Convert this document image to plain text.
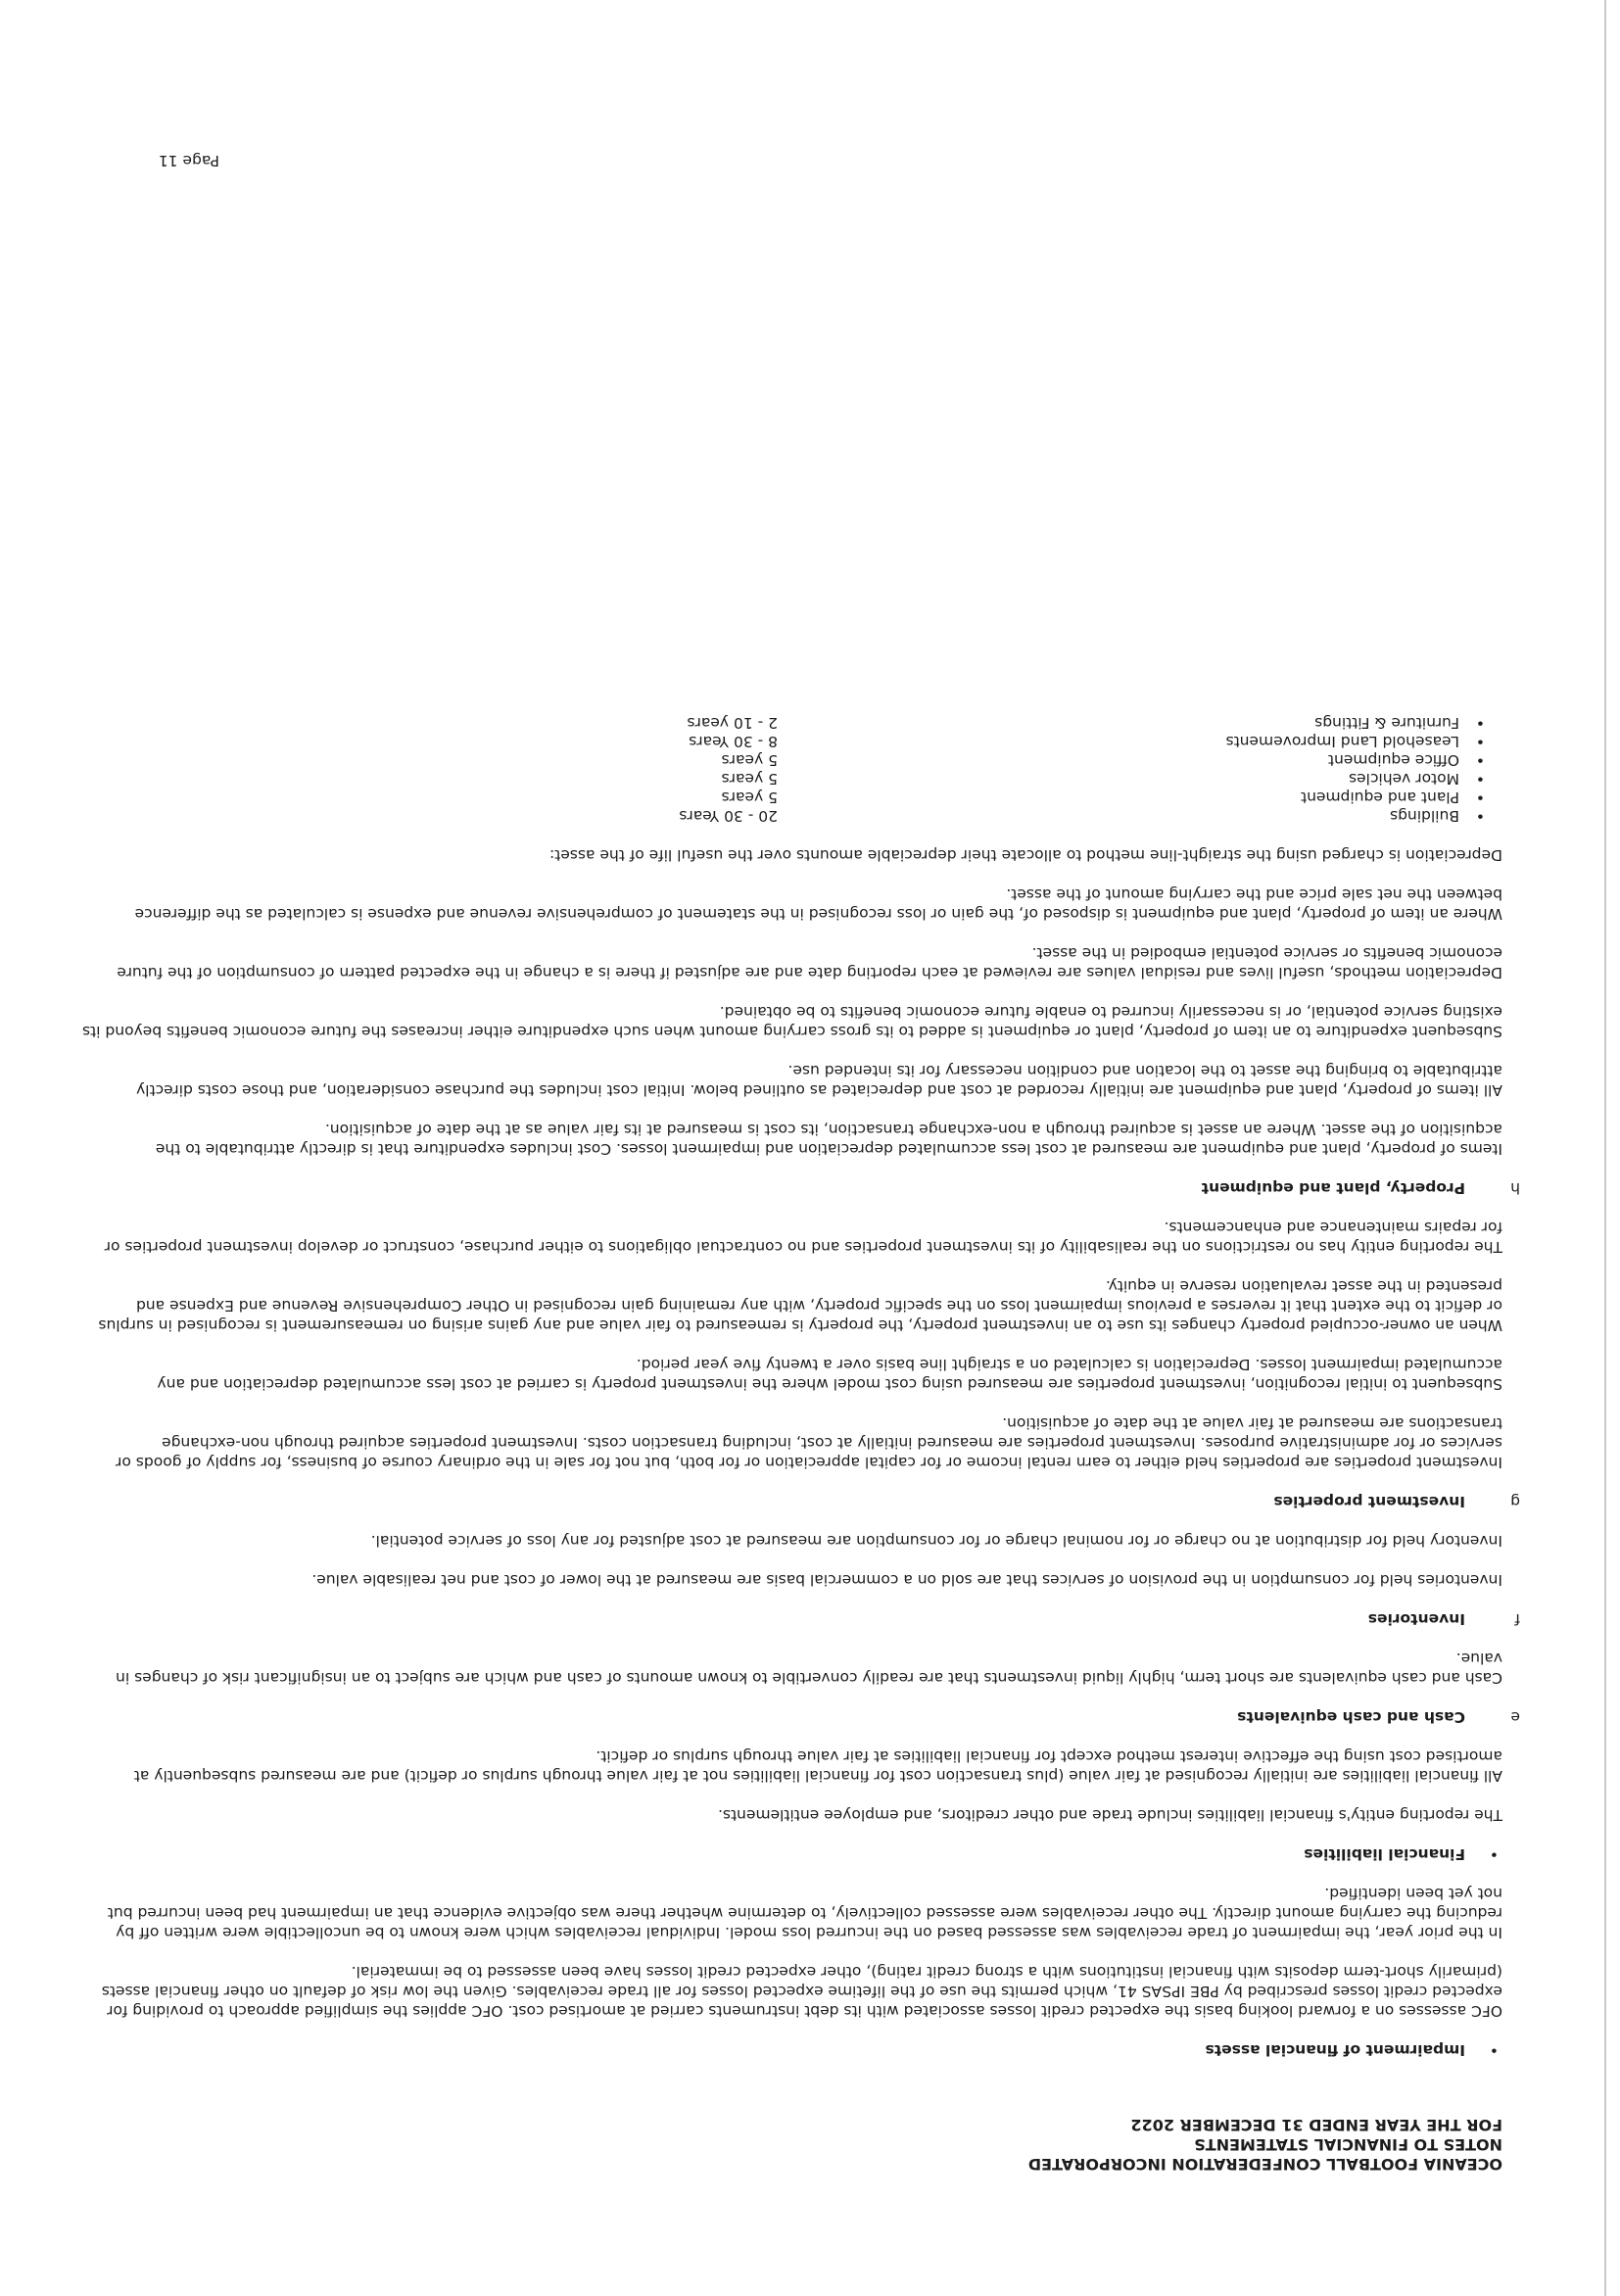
OCEANIA FOOTBALL CONFEDERATION INCORPORATED
NOTES TO FINANCIAL STATEMENTS
FOR THE YEAR ENDED 31 DECEMBER 2022
•
Impairment of financial assets

OFC assesses on a forward looking basis the expected credit losses associated with its debt instruments carried at amortised cost. OFC applies the simplified approach to providing for expected credit losses prescribed by PBE IPSAS 41, which permits the use of the lifetime expected losses for all trade receivables. Given the low risk of default on other financial assets (primarily short-term deposits with financial institutions with a strong credit rating), other expected credit losses have been assessed to be immaterial.

In the prior year, the impairment of trade receivables was assessed based on the incurred loss model. Individual receivables which were known to be uncollectible were written off by reducing the carrying amount directly. The other receivables were assessed collectively, to determine whether there was objective evidence that an impairment had been incurred but not yet been identified.

•
Financial liabilities

The reporting entity's financial liabilities include trade and other creditors, and employee entitlements.

All financial liabilities are initially recognised at fair value (plus transaction cost for financial liabilities not at fair value through surplus or deficit) and are measured subsequently at amortised cost using the effective interest method except for financial liabilities at fair value through surplus or deficit.

e
Cash and cash equivalents

Cash and cash equivalents are short term, highly liquid investments that are readily convertible to known amounts of cash and which are subject to an insignificant risk of changes in value.

f
Inventories

Inventories held for consumption in the provision of services that are sold on a commercial basis are measured at the lower of cost and net realisable value.

Inventory held for distribution at no charge or for nominal charge or for consumption are measured at cost adjusted for any loss of service potential.

g
Investment properties

Investment properties are properties held either to earn rental income or for capital appreciation or for both, but not for sale in the ordinary course of business, for supply of goods or services or for administrative purposes. Investment properties are measured initially at cost, including transaction costs. Investment properties acquired through non-exchange transactions are measured at fair value at the date of acquisition.

Subsequent to initial recognition, investment properties are measured using cost model where the investment property is carried at cost less accumulated depreciation and any accumulated impairment losses. Depreciation is calculated on a straight line basis over a twenty five year period.

When an owner-occupied property changes its use to an investment property, the property is remeasured to fair value and any gains arising on remeasurement is recognised in surplus or deficit to the extent that it reverses a previous impairment loss on the specific property, with any remaining gain recognised in Other Comprehensive Revenue and Expense and presented in the asset revaluation reserve in equity.

The reporting entity has no restrictions on the realisability of its investment properties and no contractual obligations to either purchase, construct or develop investment properties or for repairs maintenance and enhancements.

h
Property, plant and equipment

Items of property, plant and equipment are measured at cost less accumulated depreciation and impairment losses. Cost includes expenditure that is directly attributable to the acquisition of the asset. Where an asset is acquired through a non-exchange transaction, its cost is measured at its fair value as at the date of acquisition.

All items of property, plant and equipment are initially recorded at cost and depreciated as outlined below. Initial cost includes the purchase consideration, and those costs directly attributable to bringing the asset to the location and condition necessary for its intended use.

Subsequent expenditure to an item of property, plant or equipment is added to its gross carrying amount when such expenditure either increases the future economic benefits beyond its existing service potential, or is necessarily incurred to enable future economic benefits to be obtained.

Depreciation methods, useful lives and residual values are reviewed at each reporting date and are adjusted if there is a change in the expected pattern of consumption of the future economic benefits or service potential embodied in the asset.

Where an item of property, plant and equipment is disposed of, the gain or loss recognised in the statement of comprehensive revenue and expense is calculated as the difference between the net sale price and the carrying amount of the asset.

Depreciation is charged using the straight-line method to allocate their depreciable amounts over the useful life of the asset:

•
Buildings
20 - 30 Years
•
Plant and equipment
5 years
•
Motor vehicles
5 years
•
Office equipment
5 years
•
Leasehold Land Improvements
8 - 30 Years
•
Furniture & Fittings
2 - 10 years
Page 11
